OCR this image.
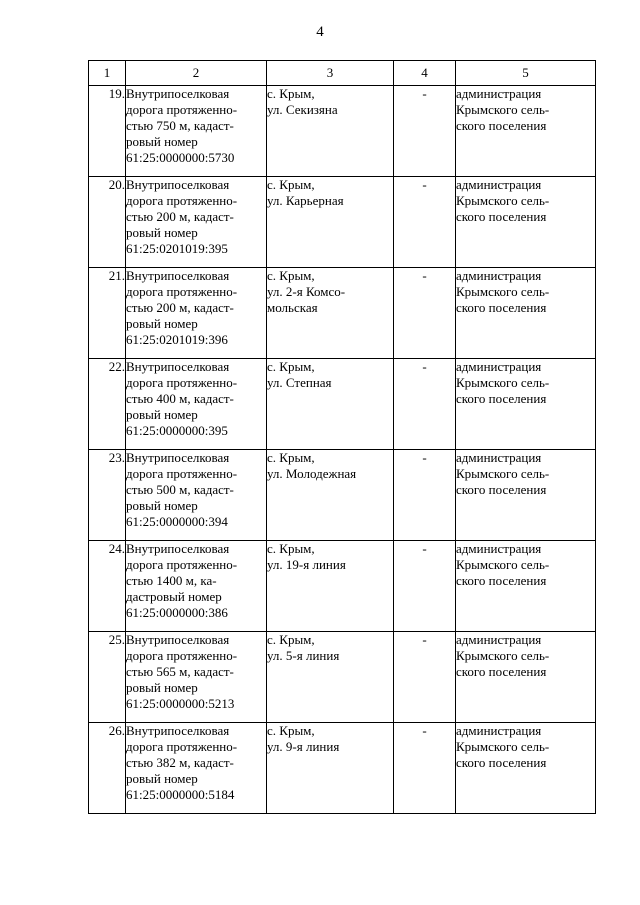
4
1	2	3	4	5
19.	Внутрипоселковая
дорога протяженно-
стью 750 м, кадаст-
ровый номер
61:25:0000000:5730	с. Крым,
ул. Секизяна	-	администрация
Крымского сель-
ского поселения

20.	Внутрипоселковая
дорога протяженно-
стью 200 м, кадаст-
ровый номер
61:25:0201019:395	с. Крым,
ул. Карьерная	-	администрация
Крымского сель-
ского поселения

21.	Внутрипоселковая
дорога протяженно-
стью 200 м, кадаст-
ровый номер
61:25:0201019:396	с. Крым,
ул. 2-я Комсо-
мольская	-	администрация
Крымского сель-
ского поселения

22.	Внутрипоселковая
дорога протяженно-
стью 400 м, кадаст-
ровый номер
61:25:0000000:395	с. Крым,
ул. Степная	-	администрация
Крымского сель-
ского поселения

23.	Внутрипоселковая
дорога протяженно-
стью 500 м, кадаст-
ровый номер
61:25:0000000:394	с. Крым,
ул. Молодежная	-	администрация
Крымского сель-
ского поселения

24.	Внутрипоселковая
дорога протяженно-
стью 1400 м, ка-
дастровый номер
61:25:0000000:386	с. Крым,
ул. 19-я линия	-	администрация
Крымского сель-
ского поселения

25.	Внутрипоселковая
дорога протяженно-
стью 565 м, кадаст-
ровый номер
61:25:0000000:5213	с. Крым,
ул. 5-я линия	-	администрация
Крымского сель-
ского поселения

26.	Внутрипоселковая
дорога протяженно-
стью 382 м, кадаст-
ровый номер
61:25:0000000:5184	с. Крым,
ул. 9-я линия	-	администрация
Крымского сель-
ского поселения
